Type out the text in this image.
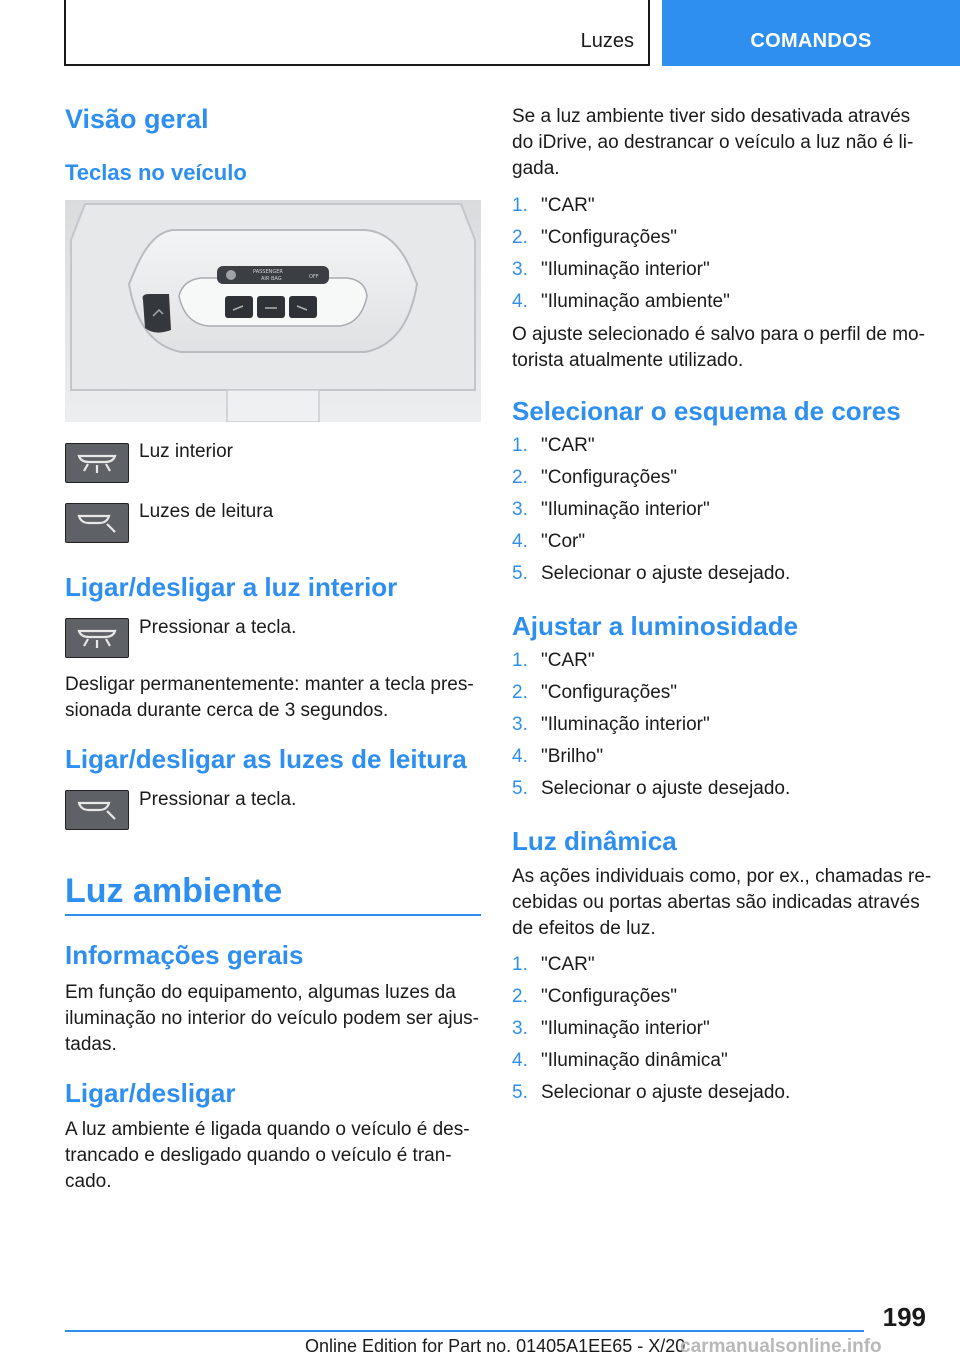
Luzes	COMANDOS
Visão geral
Teclas no veículo
PASSENGER
AIR BAG	OFF
Luz interior
Luzes de leitura
Ligar/desligar a luz interior
Pressionar a tecla.
Desligar permanentemente: manter a tecla pres-
sionada durante cerca de 3 segundos.
Ligar/desligar as luzes de leitura
Pressionar a tecla.
Luz ambiente
Informações gerais
Em função do equipamento, algumas luzes da
iluminação no interior do veículo podem ser ajus-
tadas.
Ligar/desligar
A luz ambiente é ligada quando o veículo é des-
trancado e desligado quando o veículo é tran-
cado.
Se a luz ambiente tiver sido desativada através
do iDrive, ao destrancar o veículo a luz não é li-
gada.
1. "CAR"
2. "Configurações"
3. "Iluminação interior"
4. "Iluminação ambiente"
O ajuste selecionado é salvo para o perfil de mo-
torista atualmente utilizado.
Selecionar o esquema de cores
1. "CAR"
2. "Configurações"
3. "Iluminação interior"
4. "Cor"
5. Selecionar o ajuste desejado.
Ajustar a luminosidade
1. "CAR"
2. "Configurações"
3. "Iluminação interior"
4. "Brilho"
5. Selecionar o ajuste desejado.
Luz dinâmica
As ações individuais como, por ex., chamadas re-
cebidas ou portas abertas são indicadas através
de efeitos de luz.
1. "CAR"
2. "Configurações"
3. "Iluminação interior"
4. "Iluminação dinâmica"
5. Selecionar o ajuste desejado.
199
Online Edition for Part no. 01405A1EE65 - X/20
carmanualsonline.info
